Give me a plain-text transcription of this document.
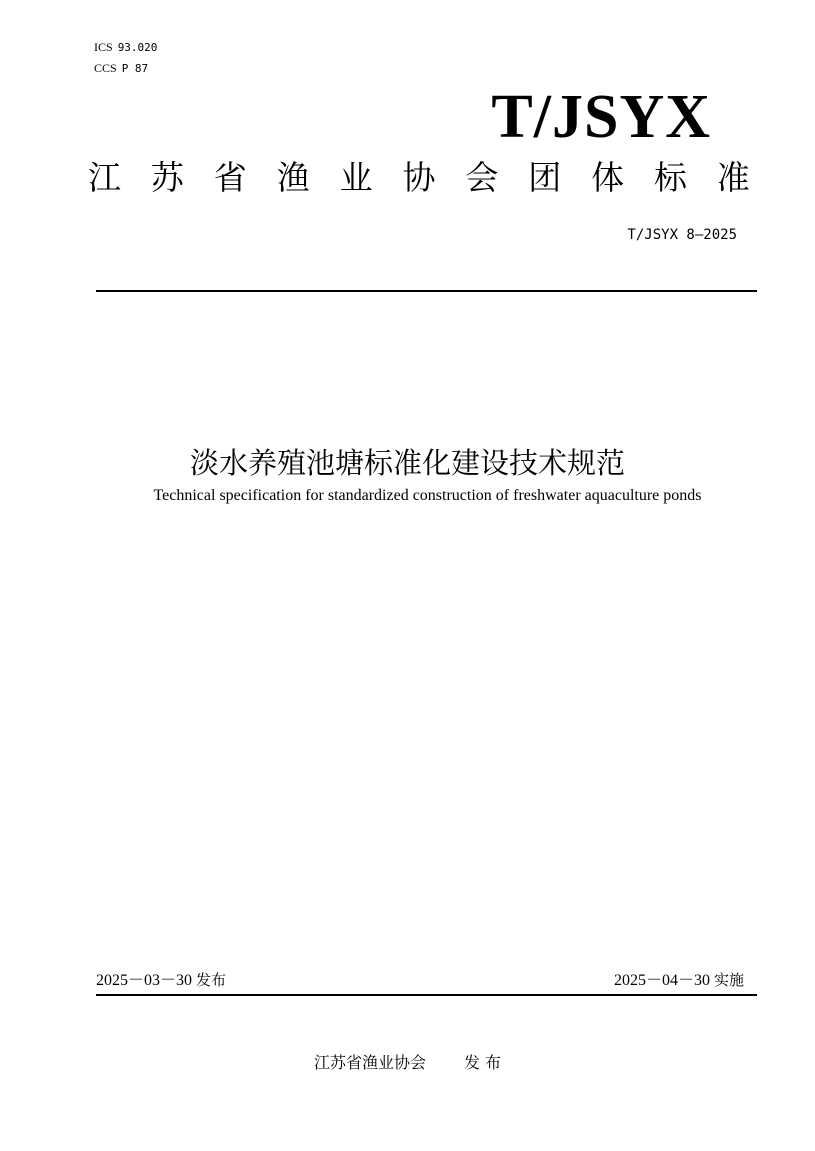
ICS 93.020
CCS P 87
T/JSYX
江 苏 省 渔 业 协 会 团 体 标 准
T/JSYX 8—2025
淡水养殖池塘标准化建设技术规范
Technical specification for standardized construction of freshwater aquaculture ponds
2025－03－30 发布	2025－04－30 实施
江苏省渔业协会 发 布
